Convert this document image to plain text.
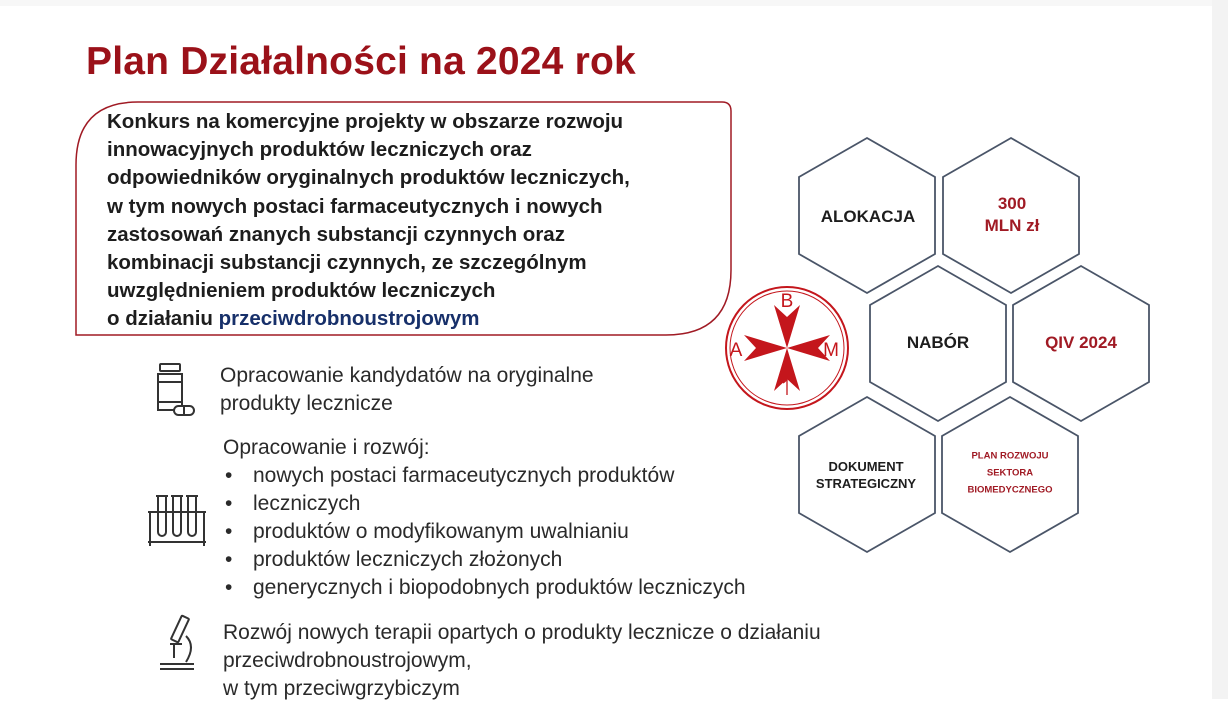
Plan Działalności na 2024 rok
Konkurs na komercyjne projekty w obszarze rozwoju
innowacyjnych produktów leczniczych oraz
odpowiedników oryginalnych produktów leczniczych,
w tym nowych postaci farmaceutycznych i nowych
zastosowań znanych substancji czynnych oraz
kombinacji substancji czynnych, ze szczególnym
uwzględnieniem produktów leczniczych
o działaniu przeciwdrobnoustrojowym
Opracowanie kandydatów na oryginalne
produkty lecznicze
Opracowanie i rozwój:
• nowych postaci farmaceutycznych produktów
• leczniczych
• produktów o modyfikowanym uwalnianiu
• produktów leczniczych złożonych
• generycznych i biopodobnych produktów leczniczych
Rozwój nowych terapii opartych o produkty lecznicze o działaniu
przeciwdrobnoustrojowym,
w tym przeciwgrzybiczym
B
A	M
ALOKACJA
300
MLN zł
NABÓR	QIV 2024
DOKUMENT
STRATEGICZNY
PLAN ROZWOJU
SEKTORA
BIOMEDYCZNEGO
